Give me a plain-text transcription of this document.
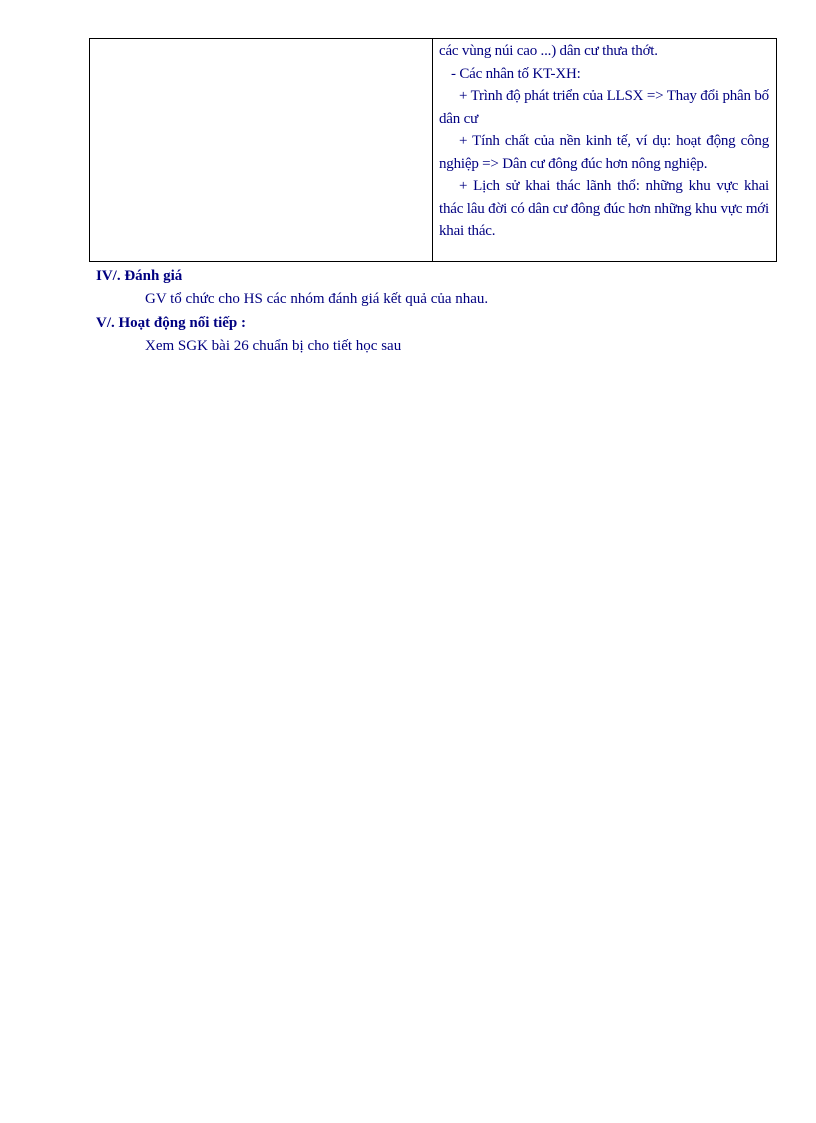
các vùng núi cao ...) dân cư thưa thớt.

- Các nhân tố KT-XH:

+ Trình độ phát triển của LLSX => Thay đổi phân bố dân cư

+ Tính chất của nền kinh tế, ví dụ: hoạt động công nghiệp => Dân cư đông đúc hơn nông nghiệp.

+ Lịch sử khai thác lãnh thổ: những khu vực khai thác lâu đời có dân cư đông đúc hơn những khu vực mới khai thác.

IV/. Đánh giá
GV tổ chức cho HS các nhóm đánh giá kết quả của nhau.
V/. Hoạt động nối tiếp :
Xem SGK bài 26 chuẩn bị cho tiết học sau
